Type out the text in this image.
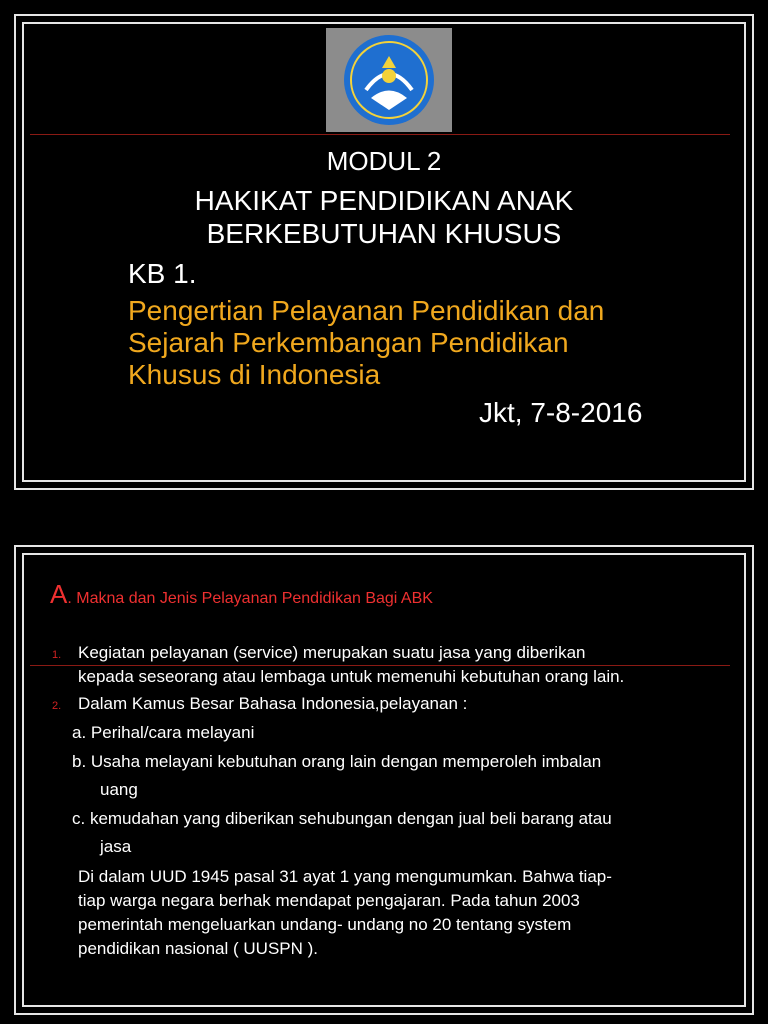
MODUL 2
HAKIKAT PENDIDIKAN ANAK
BERKEBUTUHAN KHUSUS
KB 1.
Pengertian Pelayanan Pendidikan dan
Sejarah Perkembangan Pendidikan
Khusus di Indonesia
Jkt, 7-8-2016
A. Makna dan Jenis Pelayanan Pendidikan Bagi ABK
1. Kegiatan pelayanan (service) merupakan suatu jasa yang diberikan
kepada seseorang atau lembaga untuk memenuhi kebutuhan orang lain.
2. Dalam Kamus Besar Bahasa Indonesia,pelayanan :
a. Perihal/cara melayani
b. Usaha melayani kebutuhan orang lain dengan memperoleh imbalan
uang
c. kemudahan yang diberikan sehubungan dengan jual beli barang atau
jasa
Di dalam UUD 1945 pasal 31 ayat 1 yang mengumumkan. Bahwa tiap-
tiap warga negara berhak mendapat pengajaran. Pada tahun 2003
pemerintah mengeluarkan undang- undang no 20 tentang system
pendidikan nasional ( UUSPN ).
